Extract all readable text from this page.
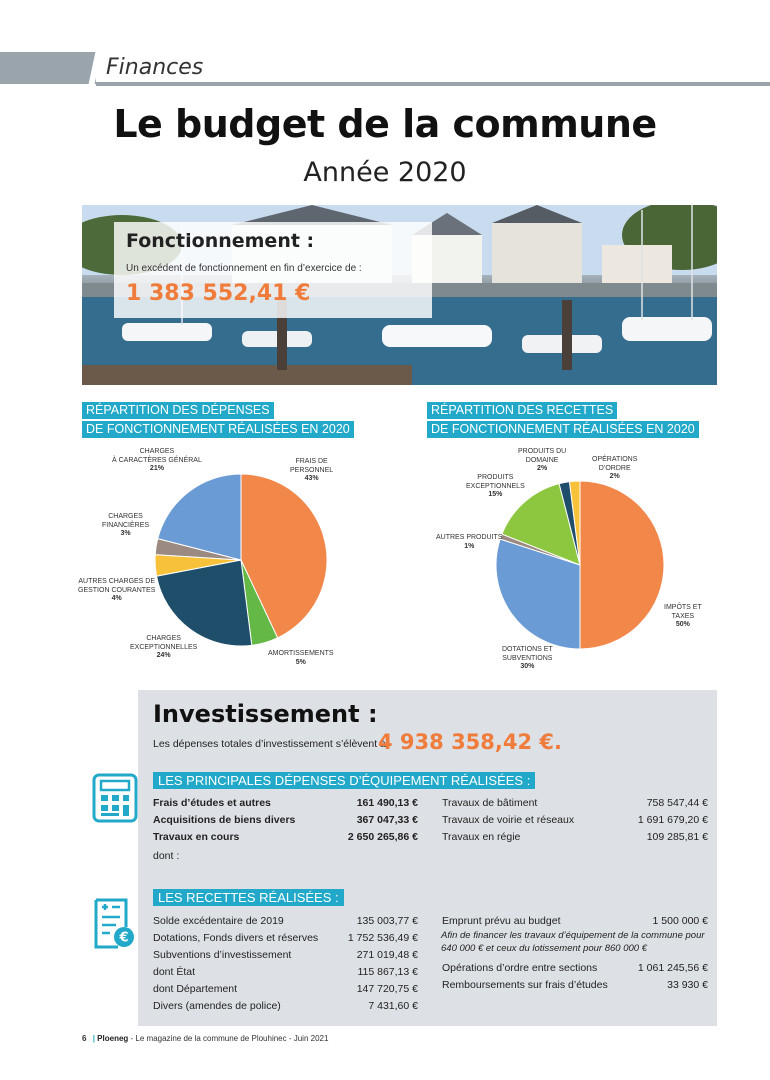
Finances
Le budget de la commune
Année 2020
Fonctionnement :
Un excédent de fonctionnement en fin d’exercice de :
1 383 552,41 €
RÉPARTITION DES DÉPENSES
DE FONCTIONNEMENT RÉALISÉES EN 2020
RÉPARTITION DES RECETTES
DE FONCTIONNEMENT RÉALISÉES EN 2020
FRAIS DE
PERSONNEL
43%
AMORTISSEMENTS
5%
CHARGES
EXCEPTIONNELLES
24%
AUTRES CHARGES DE
GESTION COURANTES
4%
CHARGES
FINANCIÈRES
3%
CHARGES
À CARACTÈRES GÉNÉRAL
21%
IMPÔTS ET
TAXES
50%
DOTATIONS ET
SUBVENTIONS
30%
AUTRES PRODUITS
1%
PRODUITS
EXCEPTIONNELS
15%
PRODUITS DU
DOMAINE
2%
OPÉRATIONS
D’ORDRE
2%
Investissement :
Les dépenses totales d’investissement s’élèvent à
4 938 358,42 €.
LES PRINCIPALES DÉPENSES D’ÉQUIPEMENT RÉALISÉES :
Frais d’études et autres	161 490,13 €
Acquisitions de biens divers	367 047,33 €
Travaux en cours	2 650 265,86 €
Travaux de bâtiment	758 547,44 €
Travaux de voirie et réseaux	1 691 679,20 €
Travaux en régie	109 285,81 €
dont :
€
LES RECETTES RÉALISÉES :
Solde excédentaire de 2019	135 003,77 €
Dotations, Fonds divers et réserves	1 752 536,49 €
Subventions d’investissement	271 019,48 €
dont État	115 867,13 €
dont Département	147 720,75 €
Divers (amendes de police)	7 431,60 €
Emprunt prévu au budget	1 500 000 €
Opérations d’ordre entre sections	1 061 245,56 €
Remboursements sur frais d’études	33 930 €
Afin de financer les travaux d’équipement de la commune pour 640 000 € et ceux du lotissement pour 860 000 €
6 | Ploeneg - Le magazine de la commune de Plouhinec - Juin 2021
